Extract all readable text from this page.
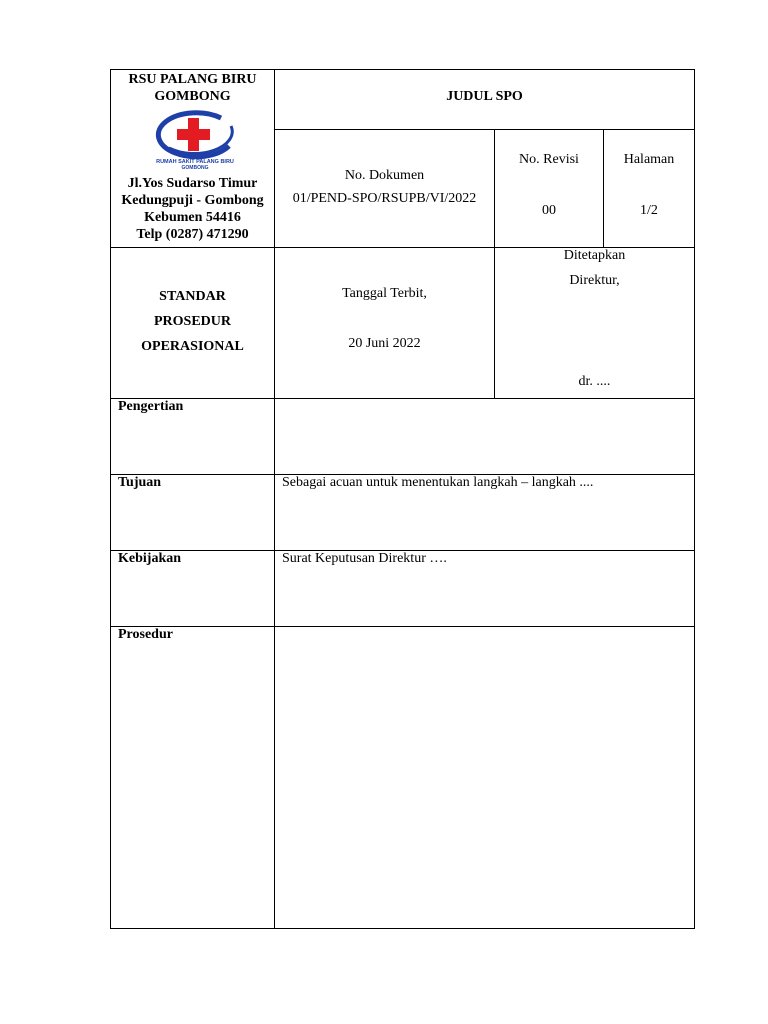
RSU PALANG BIRU
GOMBONG
RUMAH SAKIT PALANG BIRU
GOMBONG
Jl.Yos Sudarso Timur
Kedungpuji - Gombong
Kebumen 54416
Telp (0287) 471290
JUDUL SPO
No. Dokumen
01/PEND-SPO/RSUPB/VI/2022
No. Revisi
00
Halaman
1/2
STANDAR
PROSEDUR
OPERASIONAL
Tanggal Terbit,
20 Juni 2022
Ditetapkan
Direktur,
dr. ....
Pengertian
Tujuan	Sebagai acuan untuk menentukan langkah – langkah ....
Kebijakan	Surat Keputusan Direktur ….
Prosedur
